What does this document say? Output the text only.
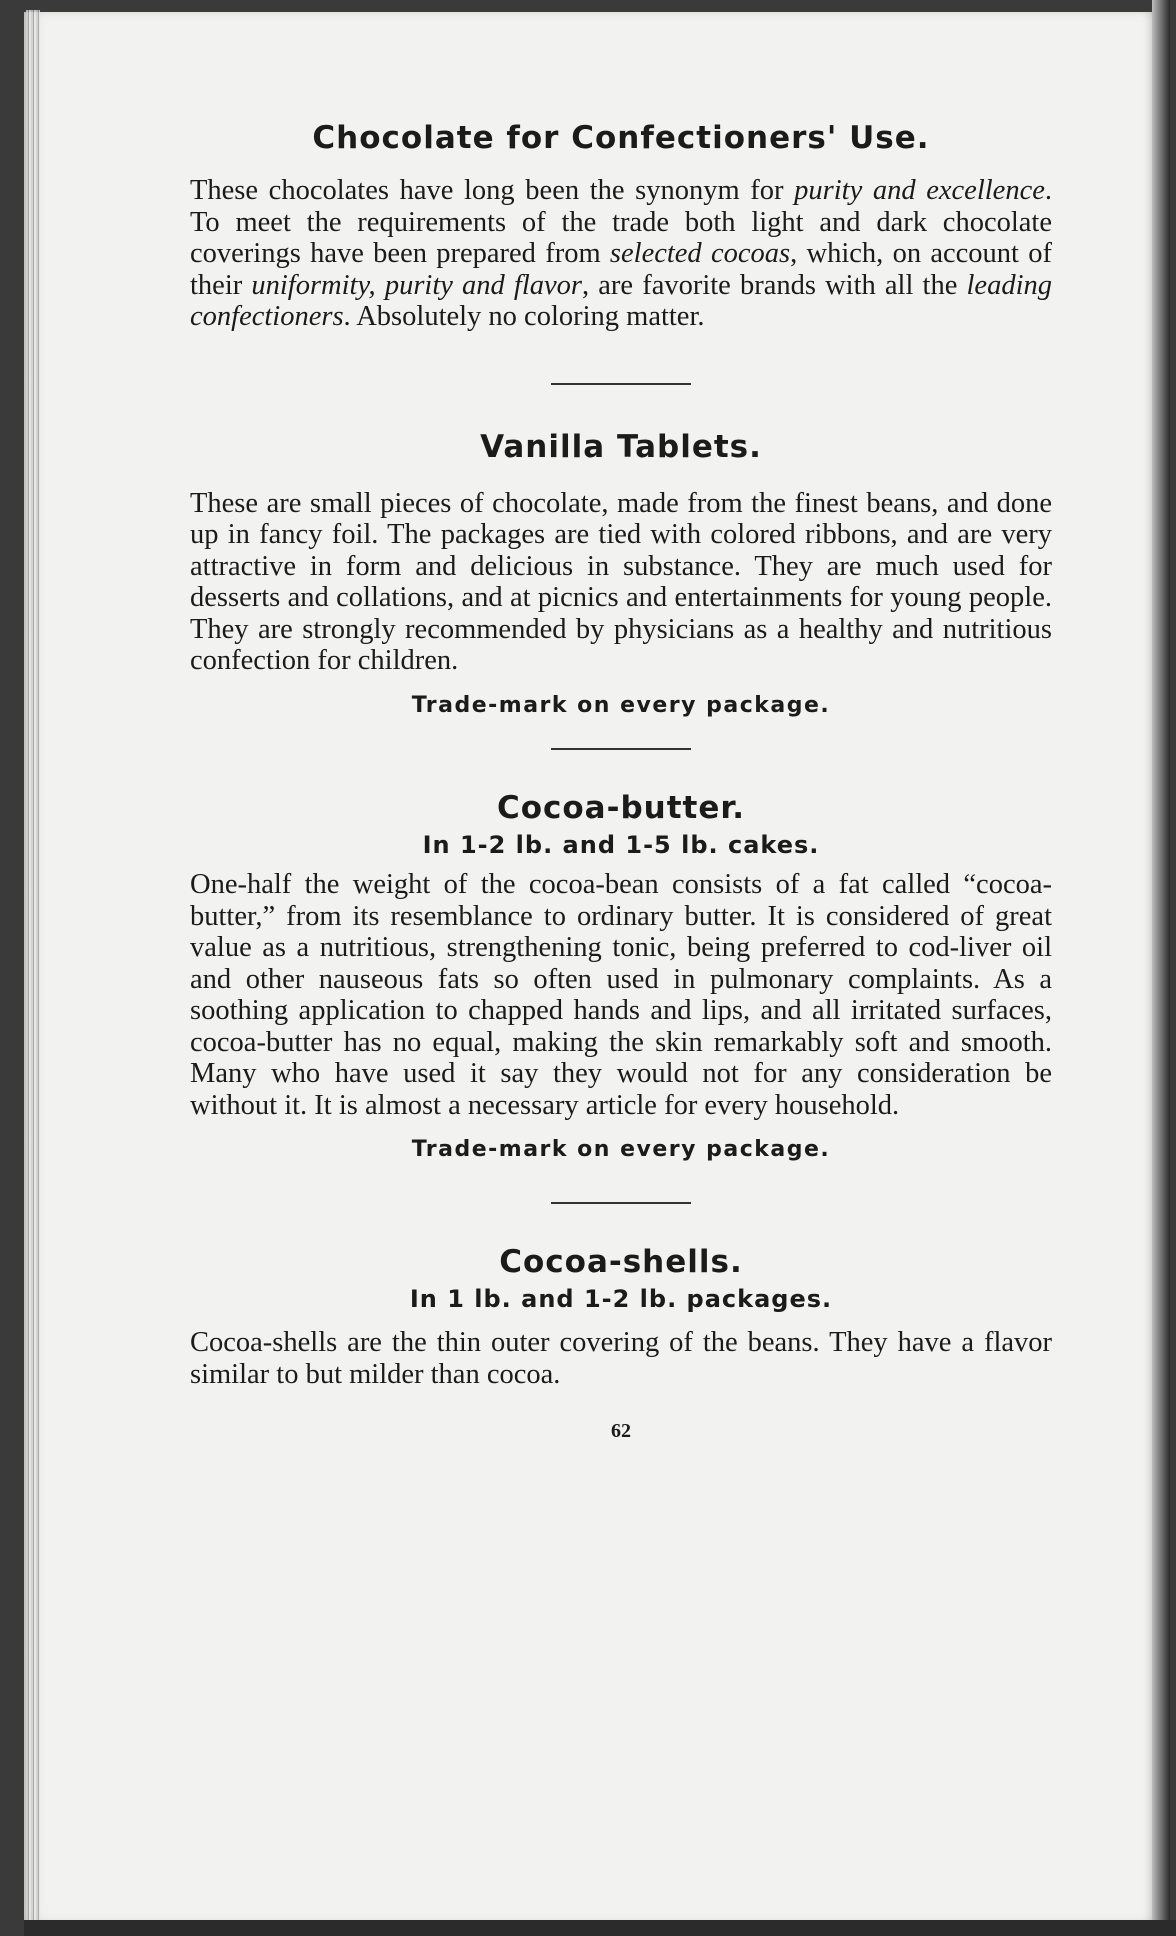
Chocolate for Confectioners' Use.

These chocolates have long been the synonym for purity and excellence. To meet the requirements of the trade both light and dark chocolate coverings have been prepared from selected cocoas, which, on account of their uniformity, purity and flavor, are favorite brands with all the leading confectioners. Absolutely no coloring matter.

Vanilla Tablets.

These are small pieces of chocolate, made from the finest beans, and done up in fancy foil. The packages are tied with colored ribbons, and are very attractive in form and delicious in substance. They are much used for desserts and collations, and at picnics and entertainments for young people. They are strongly recommended by physicians as a healthy and nutritious confection for children.

Trade-mark on every package.
Cocoa-butter.
In 1-2 lb. and 1-5 lb. cakes.

One-half the weight of the cocoa-bean consists of a fat called “cocoa-butter,” from its resemblance to ordinary butter. It is considered of great value as a nutritious, strengthening tonic, being preferred to cod-liver oil and other nauseous fats so often used in pulmonary complaints. As a soothing application to chapped hands and lips, and all irritated surfaces, cocoa-butter has no equal, making the skin remarkably soft and smooth. Many who have used it say they would not for any consideration be without it. It is almost a necessary article for every household.

Trade-mark on every package.
Cocoa-shells.
In 1 lb. and 1-2 lb. packages.

Cocoa-shells are the thin outer covering of the beans. They have a flavor similar to but milder than cocoa.

62
